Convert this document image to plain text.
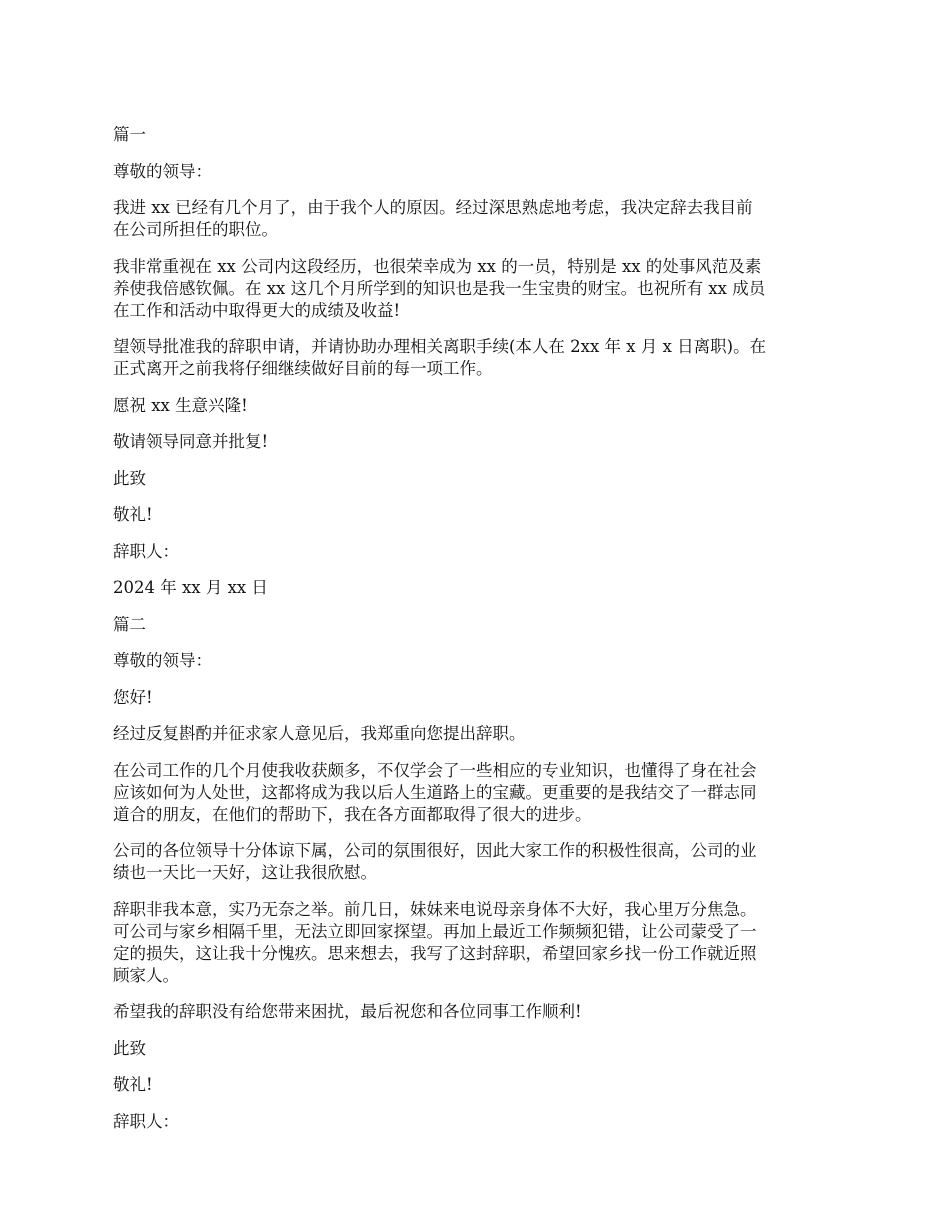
篇一

尊敬的领导：

我进 xx 已经有几个月了，由于我个人的原因。经过深思熟虑地考虑，我决定辞去我目前
在公司所担任的职位。

我非常重视在 xx 公司内这段经历，也很荣幸成为 xx 的一员，特别是 xx 的处事风范及素
养使我倍感钦佩。在 xx 这几个月所学到的知识也是我一生宝贵的财宝。也祝所有 xx 成员
在工作和活动中取得更大的成绩及收益!

望领导批准我的辞职申请，并请协助办理相关离职手续(本人在 2xx 年 x 月 x 日离职)。在
正式离开之前我将仔细继续做好目前的每一项工作。

愿祝 xx 生意兴隆!

敬请领导同意并批复!

此致

敬礼!

辞职人：

2024 年 xx 月 xx 日

篇二

尊敬的领导：

您好!

经过反复斟酌并征求家人意见后，我郑重向您提出辞职。

在公司工作的几个月使我收获颇多，不仅学会了一些相应的专业知识，也懂得了身在社会
应该如何为人处世，这都将成为我以后人生道路上的宝藏。更重要的是我结交了一群志同
道合的朋友，在他们的帮助下，我在各方面都取得了很大的进步。

公司的各位领导十分体谅下属，公司的氛围很好，因此大家工作的积极性很高，公司的业
绩也一天比一天好，这让我很欣慰。

辞职非我本意，实乃无奈之举。前几日，妹妹来电说母亲身体不大好，我心里万分焦急。
可公司与家乡相隔千里，无法立即回家探望。再加上最近工作频频犯错，让公司蒙受了一
定的损失，这让我十分愧疚。思来想去，我写了这封辞职，希望回家乡找一份工作就近照
顾家人。

希望我的辞职没有给您带来困扰，最后祝您和各位同事工作顺利!

此致

敬礼!

辞职人：
